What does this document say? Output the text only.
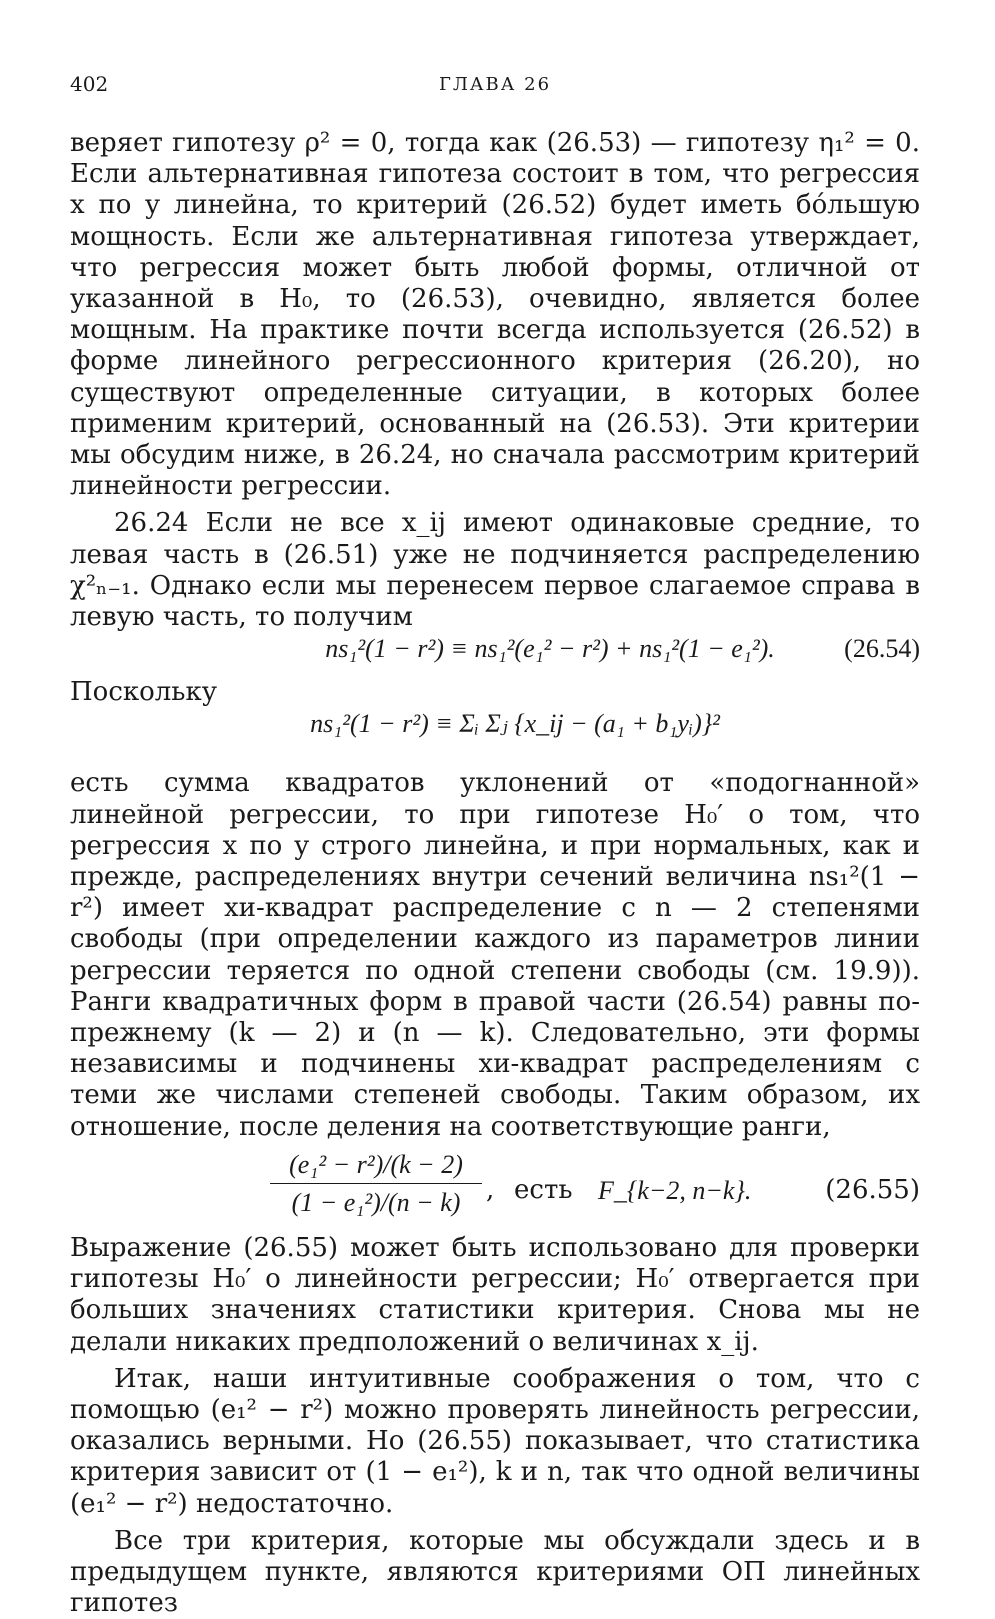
402	ГЛАВА 26

веряет гипотезу ρ² = 0, тогда как (26.53) — гипотезу η₁² = 0. Если альтернативная гипотеза состоит в том, что регрессия x по y линейна, то критерий (26.52) будет иметь бо́льшую мощность. Если же альтернативная гипотеза утверждает, что регрессия может быть любой формы, отличной от указанной в H₀, то (26.53), очевидно, является более мощным. На практике почти всегда используется (26.52) в форме линейного регрессионного критерия (26.20), но существуют определенные ситуации, в которых более применим критерий, основанный на (26.53). Эти критерии мы обсудим ниже, в 26.24, но сначала рассмотрим критерий линейности регрессии.

26.24 Если не все x_ij имеют одинаковые средние, то левая часть в (26.51) уже не подчиняется распределению χ²ₙ₋₁. Однако если мы перенесем первое слагаемое справа в левую часть, то получим

ns₁²(1 − r²) ≡ ns₁²(e₁² − r²) + ns₁²(1 − e₁²).	(26.54)

Поскольку

ns₁²(1 − r²) ≡ Σᵢ Σⱼ {x_ij − (a₁ + b₁yᵢ)}²

есть сумма квадратов уклонений от «подогнанной» линейной регрессии, то при гипотезе H₀′ о том, что регрессия x по y строго линейна, и при нормальных, как и прежде, распределениях внутри сечений величина ns₁²(1 − r²) имеет хи-квадрат распределение с n — 2 степенями свободы (при определении каждого из параметров линии регрессии теряется по одной степени свободы (см. 19.9)). Ранги квадратичных форм в правой части (26.54) равны по-прежнему (k — 2) и (n — k). Следовательно, эти формы независимы и подчинены хи-квадрат распределениям с теми же числами степеней свободы. Таким образом, их отношение, после деления на соответствующие ранги,

$\frac{\text{(e₁² − r²)/(k − 2)}}{\text{(1 − e₁²)/(n − k)}}$ , есть F_{k−2, n−k}.	(26.55)

Выражение (26.55) может быть использовано для проверки гипотезы H₀′ о линейности регрессии; H₀′ отвергается при больших значениях статистики критерия. Снова мы не делали никаких предположений о величинах x_ij.

Итак, наши интуитивные соображения о том, что с помощью (e₁² − r²) можно проверять линейность регрессии, оказались верными. Но (26.55) показывает, что статистика критерия зависит от (1 − e₁²), k и n, так что одной величины (e₁² − r²) недостаточно.

Все три критерия, которые мы обсуждали здесь и в предыдущем пункте, являются критериями ОП линейных гипотез
